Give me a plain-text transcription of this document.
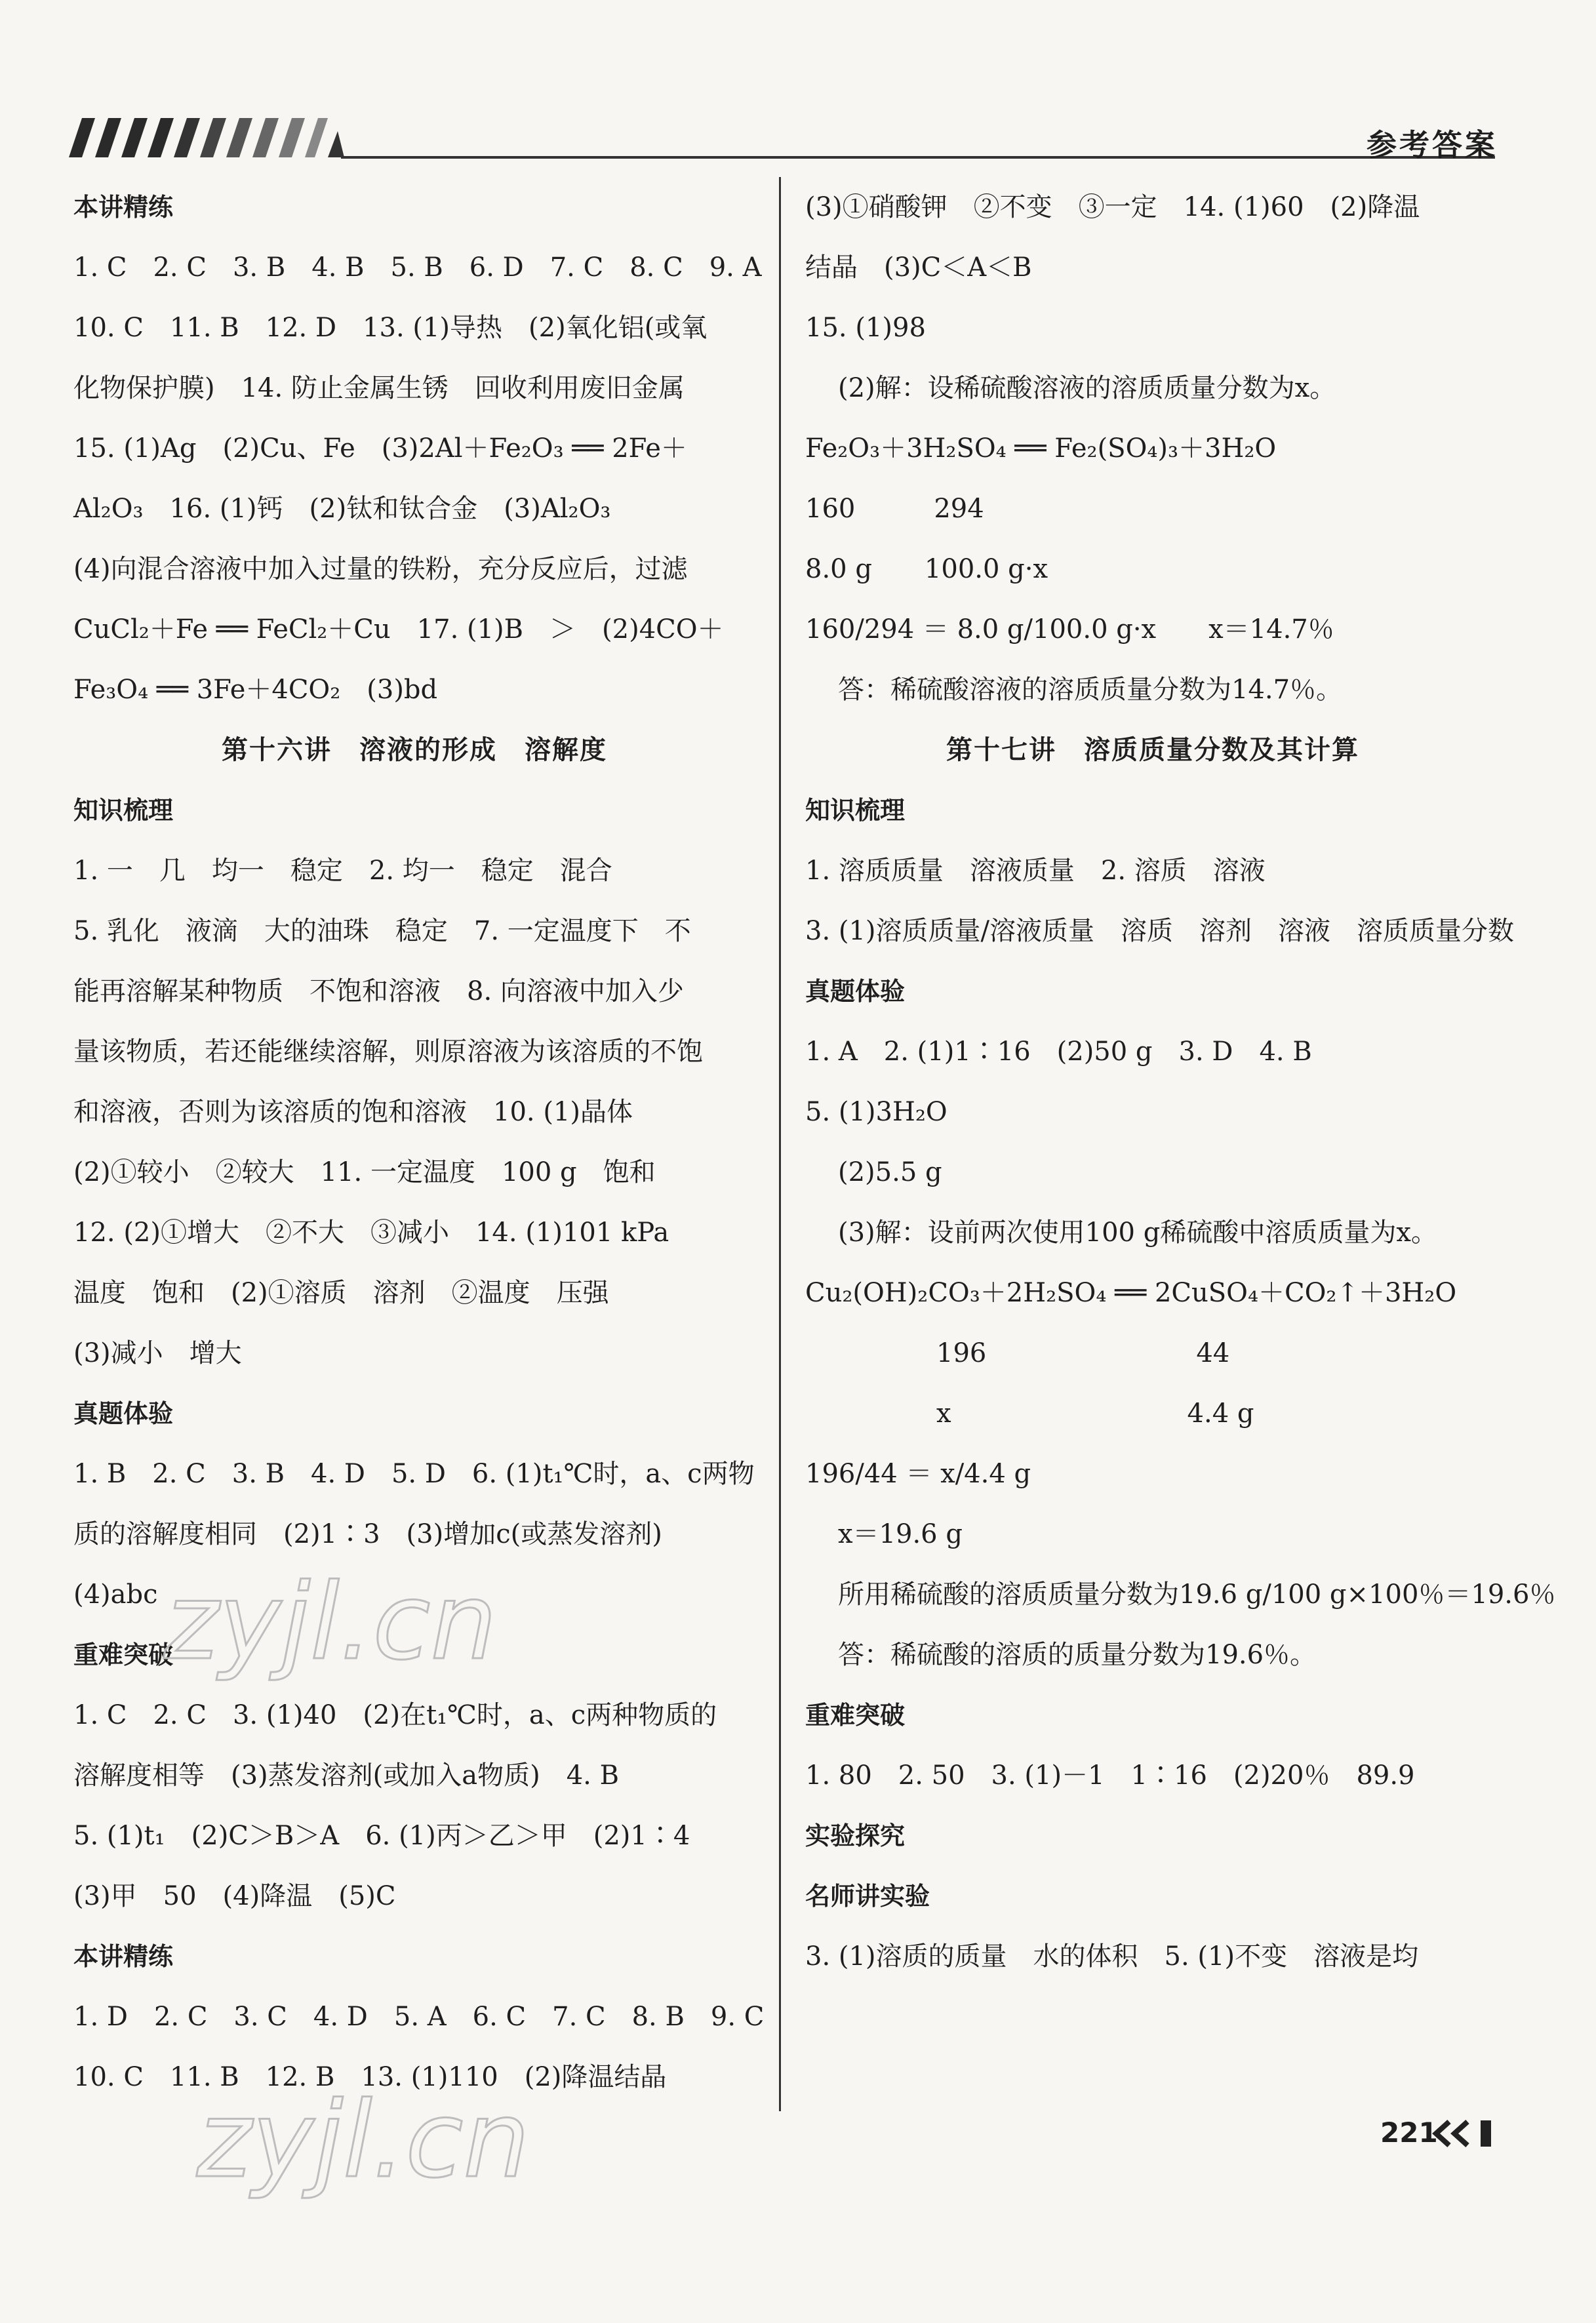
参考答案
本讲精练
1. C　2. C　3. B　4. B　5. B　6. D　7. C　8. C　9. A
10. C　11. B　12. D　13. (1)导热　(2)氧化铝(或氧
化物保护膜)　14. 防止金属生锈　回收利用废旧金属
15. (1)Ag　(2)Cu、Fe　(3)2Al＋Fe₂O₃ ══ 2Fe＋
Al₂O₃　16. (1)钙　(2)钛和钛合金　(3)Al₂O₃
(4)向混合溶液中加入过量的铁粉，充分反应后，过滤
CuCl₂＋Fe ══ FeCl₂＋Cu　17. (1)B　＞　(2)4CO＋
Fe₃O₄ ══ 3Fe＋4CO₂　(3)bd
第十六讲　溶液的形成　溶解度
知识梳理
1. 一　几　均一　稳定　2. 均一　稳定　混合
5. 乳化　液滴　大的油珠　稳定　7. 一定温度下　不
能再溶解某种物质　不饱和溶液　8. 向溶液中加入少
量该物质，若还能继续溶解，则原溶液为该溶质的不饱
和溶液，否则为该溶质的饱和溶液　10. (1)晶体
(2)①较小　②较大　11. 一定温度　100 g　饱和
12. (2)①增大　②不大　③减小　14. (1)101 kPa
温度　饱和　(2)①溶质　溶剂　②温度　压强
(3)减小　增大
真题体验
1. B　2. C　3. B　4. D　5. D　6. (1)t₁℃时，a、c两物
质的溶解度相同　(2)1∶3　(3)增加c(或蒸发溶剂)
(4)abc
重难突破
1. C　2. C　3. (1)40　(2)在t₁℃时，a、c两种物质的
溶解度相等　(3)蒸发溶剂(或加入a物质)　4. B
5. (1)t₁　(2)C＞B＞A　6. (1)丙＞乙＞甲　(2)1∶4
(3)甲　50　(4)降温　(5)C
本讲精练
1. D　2. C　3. C　4. D　5. A　6. C　7. C　8. B　9. C
10. C　11. B　12. B　13. (1)110　(2)降温结晶
(3)①硝酸钾　②不变　③一定　14. (1)60　(2)降温
结晶　(3)C＜A＜B
15. (1)98
(2)解：设稀硫酸溶液的溶质质量分数为x。
Fe₂O₃＋3H₂SO₄ ══ Fe₂(SO₄)₃＋3H₂O
160　　　294
8.0 g　　100.0 g·x
160/294 ＝ 8.0 g/100.0 g·x　　x＝14.7％
答：稀硫酸溶液的溶质质量分数为14.7％。
第十七讲　溶质质量分数及其计算
知识梳理
1. 溶质质量　溶液质量　2. 溶质　溶液
3. (1)溶质质量/溶液质量　溶质　溶剂　溶液　溶质质量分数
真题体验
1. A　2. (1)1∶16　(2)50 g　3. D　4. B
5. (1)3H₂O
(2)5.5 g
(3)解：设前两次使用100 g稀硫酸中溶质质量为x。
Cu₂(OH)₂CO₃＋2H₂SO₄ ══ 2CuSO₄＋CO₂↑＋3H₂O
　　　　　196　　　　　　　　44
　　　　　x　　　　　　　　　4.4 g
196/44 ＝ x/4.4 g
x＝19.6 g
所用稀硫酸的溶质质量分数为19.6 g/100 g×100％＝19.6％
答：稀硫酸的溶质的质量分数为19.6％。
重难突破
1. 80　2. 50　3. (1)－1　1∶16　(2)20％　89.9
实验探究
名师讲实验
3. (1)溶质的质量　水的体积　5. (1)不变　溶液是均
zyjl.cn
zyjl.cn	221
